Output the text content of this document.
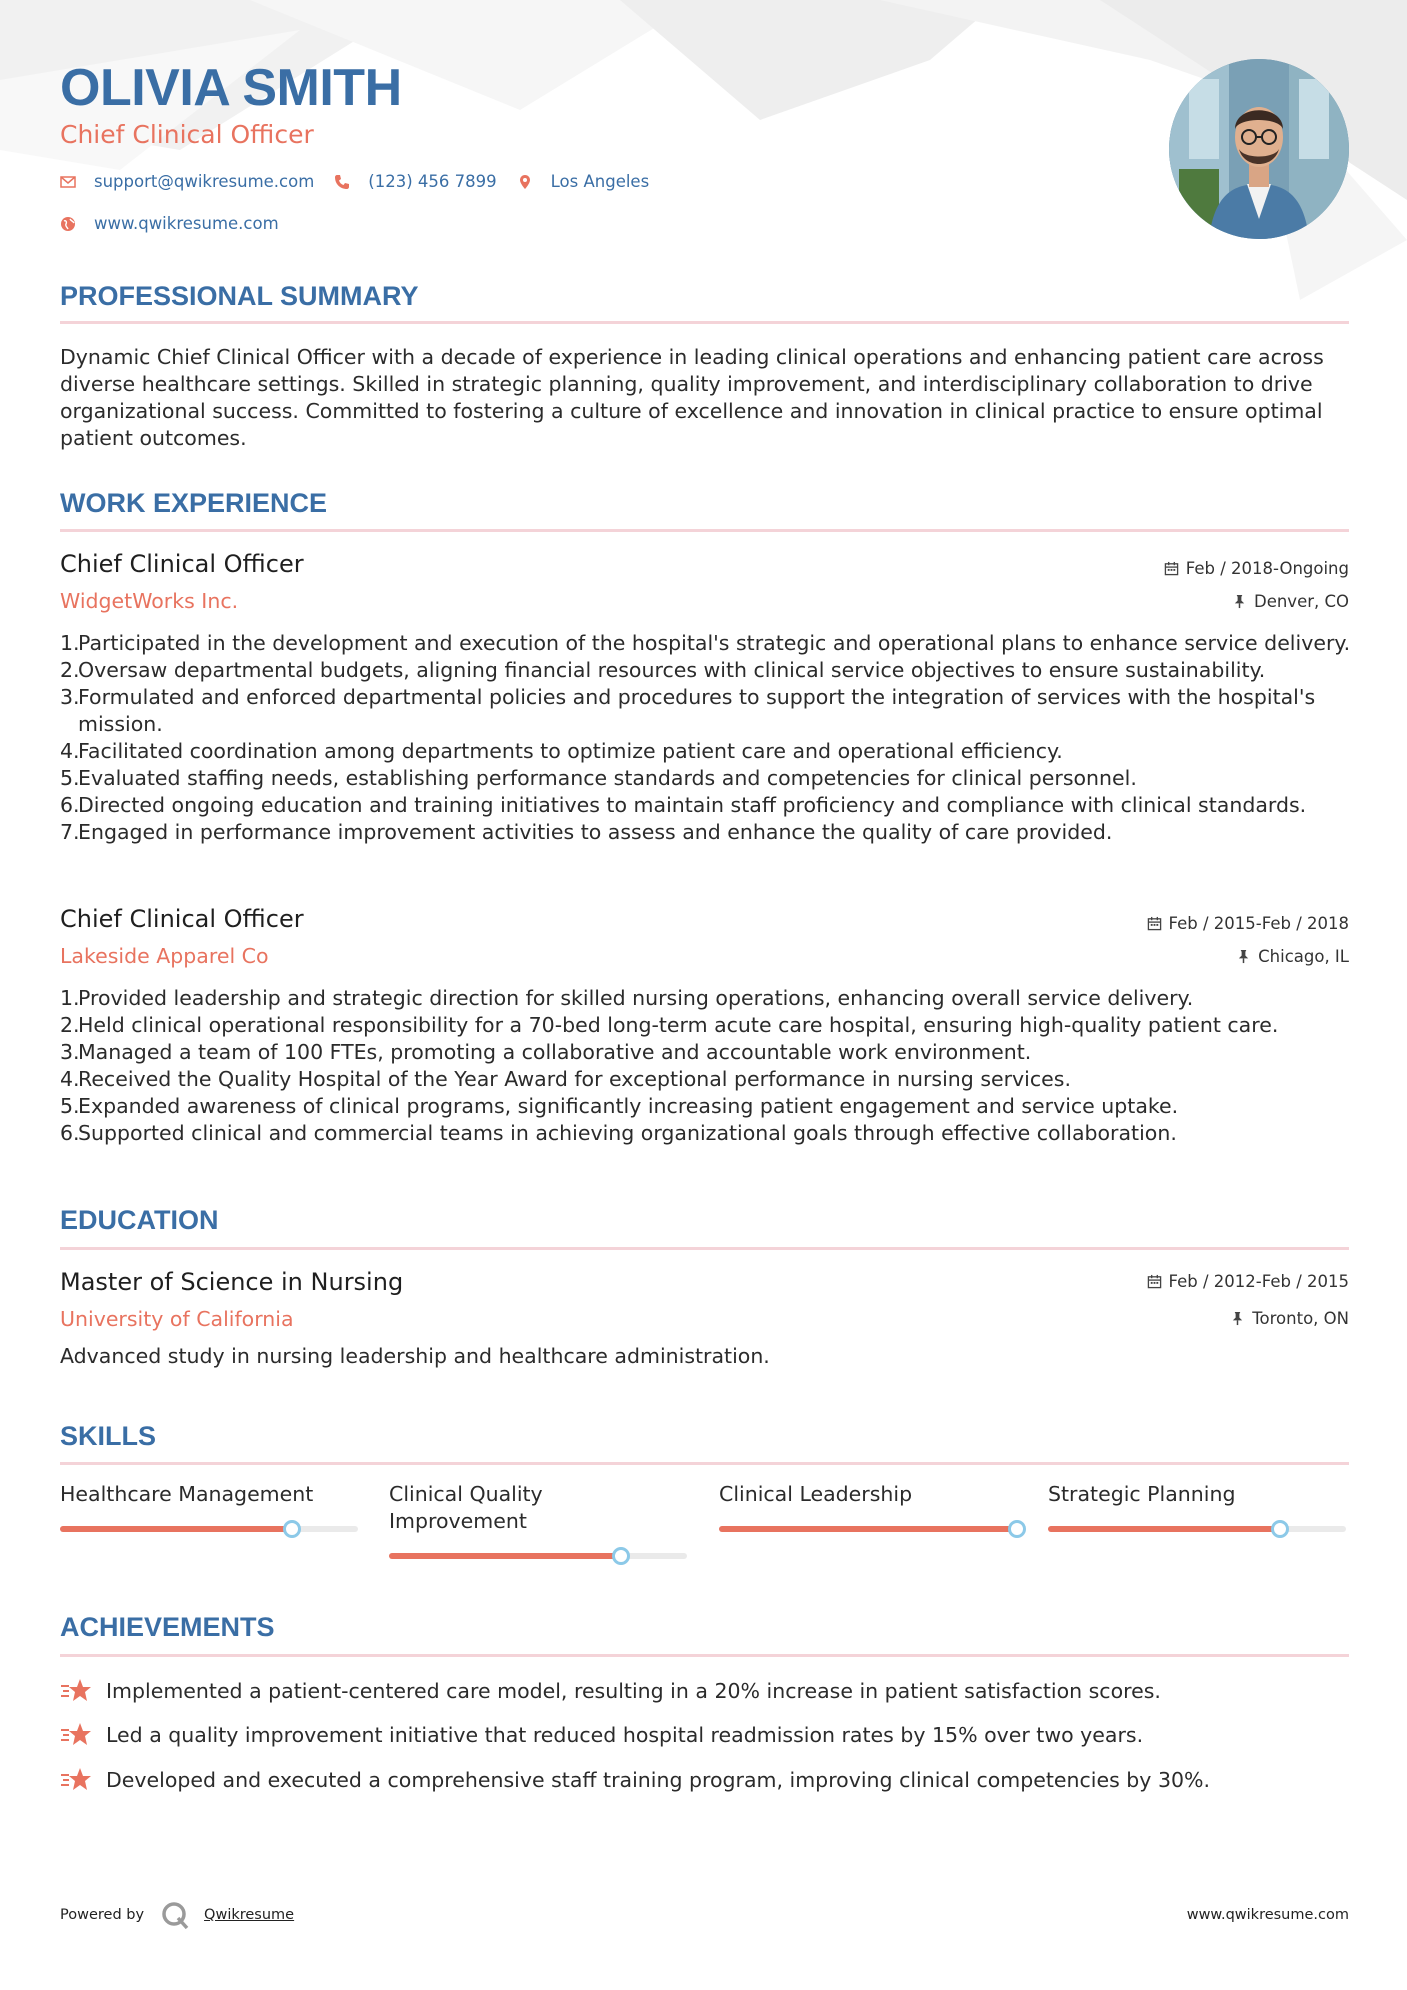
OLIVIA SMITH
Chief Clinical Officer
support@qwikresume.com	(123) 456 7899	Los Angeles
www.qwikresume.com
PROFESSIONAL SUMMARY
Dynamic Chief Clinical Officer with a decade of experience in leading clinical operations and enhancing patient care across diverse healthcare settings. Skilled in strategic planning, quality improvement, and interdisciplinary collaboration to drive organizational success. Committed to fostering a culture of excellence and innovation in clinical practice to ensure optimal patient outcomes.
WORK EXPERIENCE
Chief Clinical Officer
WidgetWorks Inc.
Feb / 2018-Ongoing
Denver, CO
1.
Participated in the development and execution of the hospital's strategic and operational plans to enhance service delivery.
2.
Oversaw departmental budgets, aligning financial resources with clinical service objectives to ensure sustainability.
3.
Formulated and enforced departmental policies and procedures to support the integration of services with the hospital's mission.
4.
Facilitated coordination among departments to optimize patient care and operational efficiency.
5.
Evaluated staffing needs, establishing performance standards and competencies for clinical personnel.
6.
Directed ongoing education and training initiatives to maintain staff proficiency and compliance with clinical standards.
7.
Engaged in performance improvement activities to assess and enhance the quality of care provided.
Chief Clinical Officer
Lakeside Apparel Co
Feb / 2015-Feb / 2018
Chicago, IL
1.
Provided leadership and strategic direction for skilled nursing operations, enhancing overall service delivery.
2.
Held clinical operational responsibility for a 70-bed long-term acute care hospital, ensuring high-quality patient care.
3.
Managed a team of 100 FTEs, promoting a collaborative and accountable work environment.
4.
Received the Quality Hospital of the Year Award for exceptional performance in nursing services.
5.
Expanded awareness of clinical programs, significantly increasing patient engagement and service uptake.
6.
Supported clinical and commercial teams in achieving organizational goals through effective collaboration.
EDUCATION
Master of Science in Nursing
University of California
Feb / 2012-Feb / 2015
Toronto, ON
Advanced study in nursing leadership and healthcare administration.
SKILLS
Healthcare Management	Clinical Quality Improvement
Clinical Leadership	Strategic Planning
ACHIEVEMENTS
Implemented a patient-centered care model, resulting in a 20% increase in patient satisfaction scores.
Led a quality improvement initiative that reduced hospital readmission rates by 15% over two years.
Developed and executed a comprehensive staff training program, improving clinical competencies by 30%.
Powered by	Qwikresume	www.qwikresume.com
